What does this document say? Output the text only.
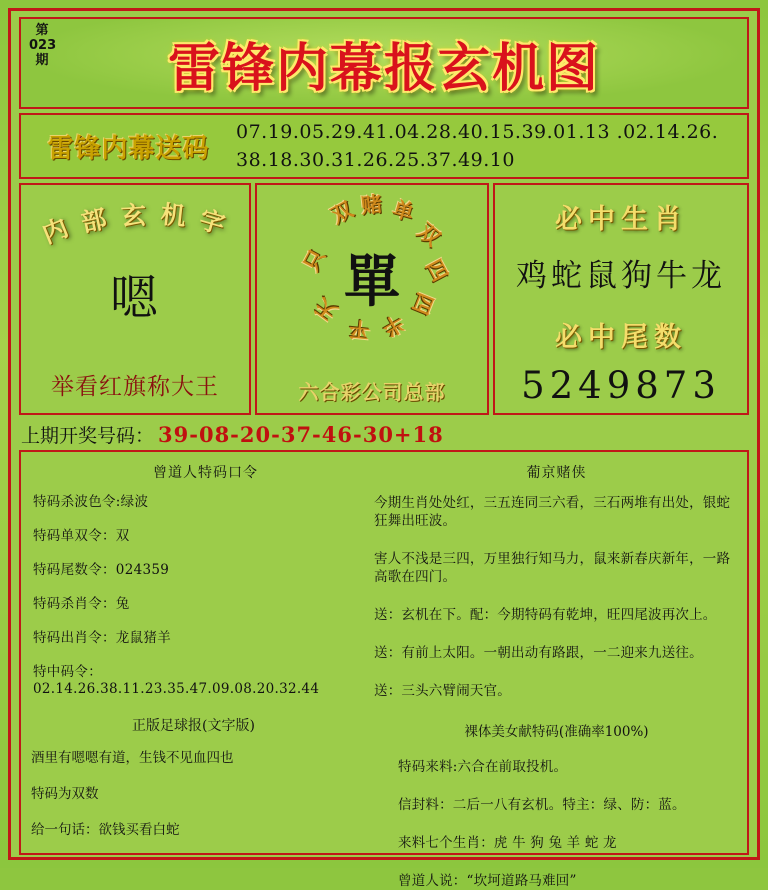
第023期 雷锋内幕报玄机图
雷锋内幕送码
07.19.05.29.41.04.28.40.15.39.01.13 .02.14.26.
38.18.30.31.26.25.37.49.10
内 部 玄 机 字
嗯
举看红旗称大王
双 赌 单
双
四
四
半
平
天
只 單
六合彩公司总部
必中生肖
鸡蛇鼠狗牛龙
必中尾数
5249873
上期开奖号码： 39-08-20-37-46-30+18
曾道人特码口令
特码杀波色令:绿波
特码单双令：双
特码尾数令：024359
特码杀肖令：兔
特码出肖令：龙鼠猪羊
特中码令：02.14.26.38.11.23.35.47.09.08.20.32.44
正版足球报(文字版)
酒里有嗯嗯有道，生钱不见血四也
特码为双数
给一句话：欲钱买看白蛇
葡京赌侠
今期生肖处处红，三五连同三六看，三石两堆有出处，银蛇狂舞出旺波。
害人不浅是三四，万里独行知马力，鼠来新春庆新年，一路高歌在四门。
送：玄机在下。配：今期特码有乾坤，旺四尾波再次上。
送：有前上太阳。一朝出动有路跟，一二迎来九送往。
送：三头六臂闹天官。
裸体美女献特码(准确率100%)
特码来料:六合在前取投机。
信封料：二后一八有玄机。特主：绿、防：蓝。
来料七个生肖：虎 牛 狗 兔 羊 蛇 龙
曾道人说：“坎坷道路马难回”
